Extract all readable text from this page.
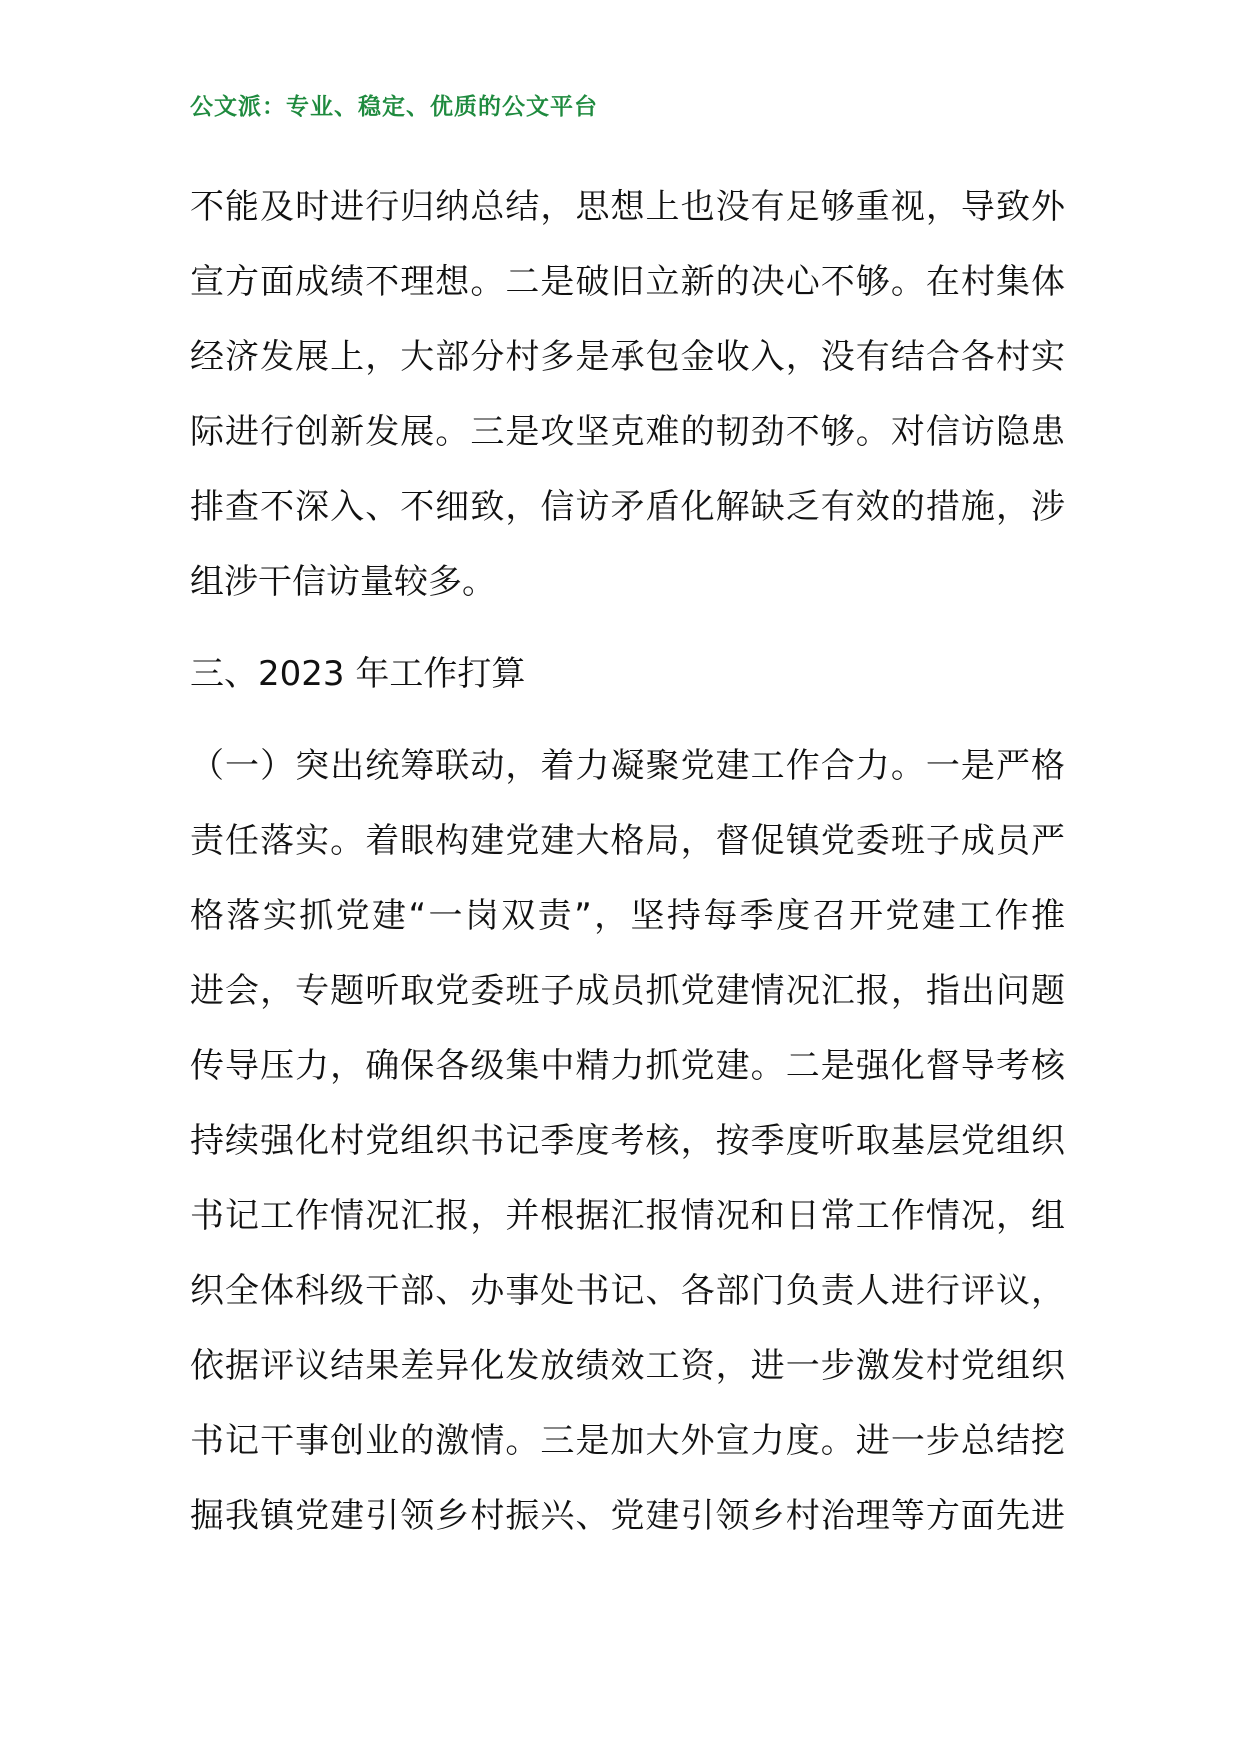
公文派：专业、稳定、优质的公文平台
不能及时进行归纳总结，思想上也没有足够重视，导致外
宣方面成绩不理想。二是破旧立新的决心不够。在村集体
经济发展上，大部分村多是承包金收入，没有结合各村实
际进行创新发展。三是攻坚克难的韧劲不够。对信访隐患
排查不深入、不细致，信访矛盾化解缺乏有效的措施，涉
组涉干信访量较多。
三、2023 年工作打算
（一）突出统筹联动，着力凝聚党建工作合力。一是严格
责任落实。着眼构建党建大格局，督促镇党委班子成员严
格落实抓党建“一岗双责”，坚持每季度召开党建工作推
进会，专题听取党委班子成员抓党建情况汇报，指出问题
传导压力，确保各级集中精力抓党建。二是强化督导考核
持续强化村党组织书记季度考核，按季度听取基层党组织
书记工作情况汇报，并根据汇报情况和日常工作情况，组
织全体科级干部、办事处书记、各部门负责人进行评议，
依据评议结果差异化发放绩效工资，进一步激发村党组织
书记干事创业的激情。三是加大外宣力度。进一步总结挖
掘我镇党建引领乡村振兴、党建引领乡村治理等方面先进
